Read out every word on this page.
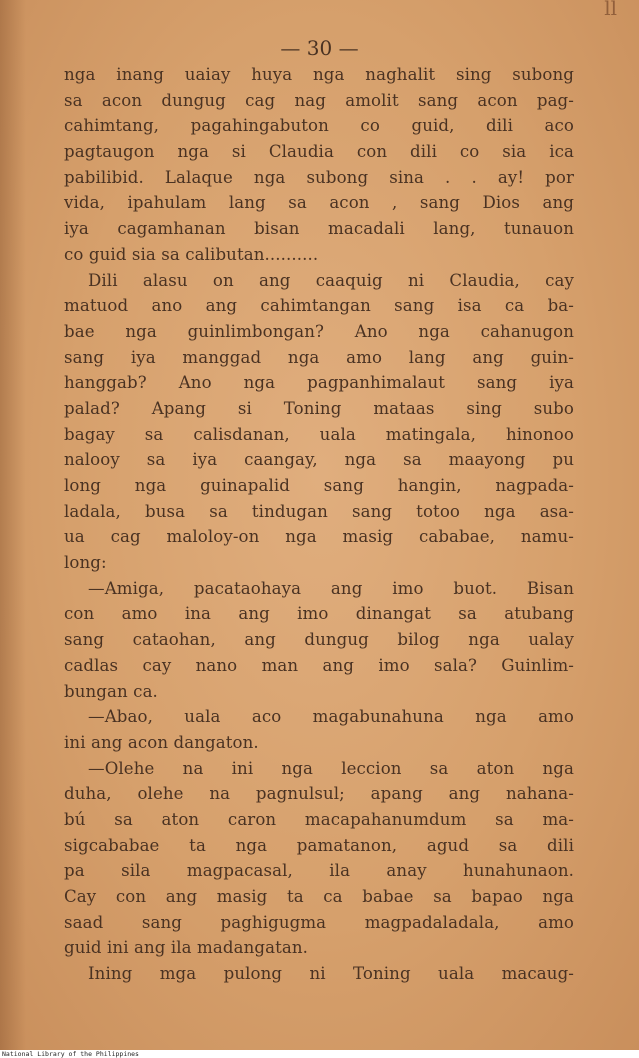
ll
— 30 —
nga inang uaiay huya nga naghalit sing subong
sa acon dungug cag nag amolit sang acon pag-
cahimtang, pagahingabuton co guid, dili aco
pagtaugon nga si Claudia con dili co sia ica
pabilibid. Lalaque nga subong sina . . ay! por
vida, ipahulam lang sa acon , sang Dios ang
iya cagamhanan bisan macadali lang, tunauon
co guid sia sa calibutan..........
Dili alasu on ang caaquig ni Claudia, cay
matuod ano ang cahimtangan sang isa ca ba-
bae nga guinlimbongan? Ano nga cahanugon
sang iya manggad nga amo lang ang guin-
hanggab? Ano nga pagpanhimalaut sang iya
palad? Apang si Toning mataas sing subo
bagay sa calisdanan, uala matingala, hinonoo
nalooy sa iya caangay, nga sa maayong pu
long nga guinapalid sang hangin, nagpada-
ladala, busa sa tindugan sang totoo nga asa-
ua cag maloloy-on nga masig cababae, namu-
long:
—Amiga, pacataohaya ang imo buot. Bisan
con amo ina ang imo dinangat sa atubang
sang cataohan, ang dungug bilog nga ualay
cadlas cay nano man ang imo sala? Guinlim-
bungan ca.
—Abao, uala aco magabunahuna nga amo
ini ang acon dangaton.
—Olehe na ini nga leccion sa aton nga
duha, olehe na pagnulsul; apang ang nahana-
bú sa aton caron macapahanumdum sa ma-
sigcababae ta nga pamatanon, agud sa dili
pa sila magpacasal, ila anay hunahunaon.
Cay con ang masig ta ca babae sa bapao nga
saad sang paghigugma magpadaladala, amo
guid ini ang ila madangatan.
Ining mga pulong ni Toning uala macaug-
National Library of the Philippines
